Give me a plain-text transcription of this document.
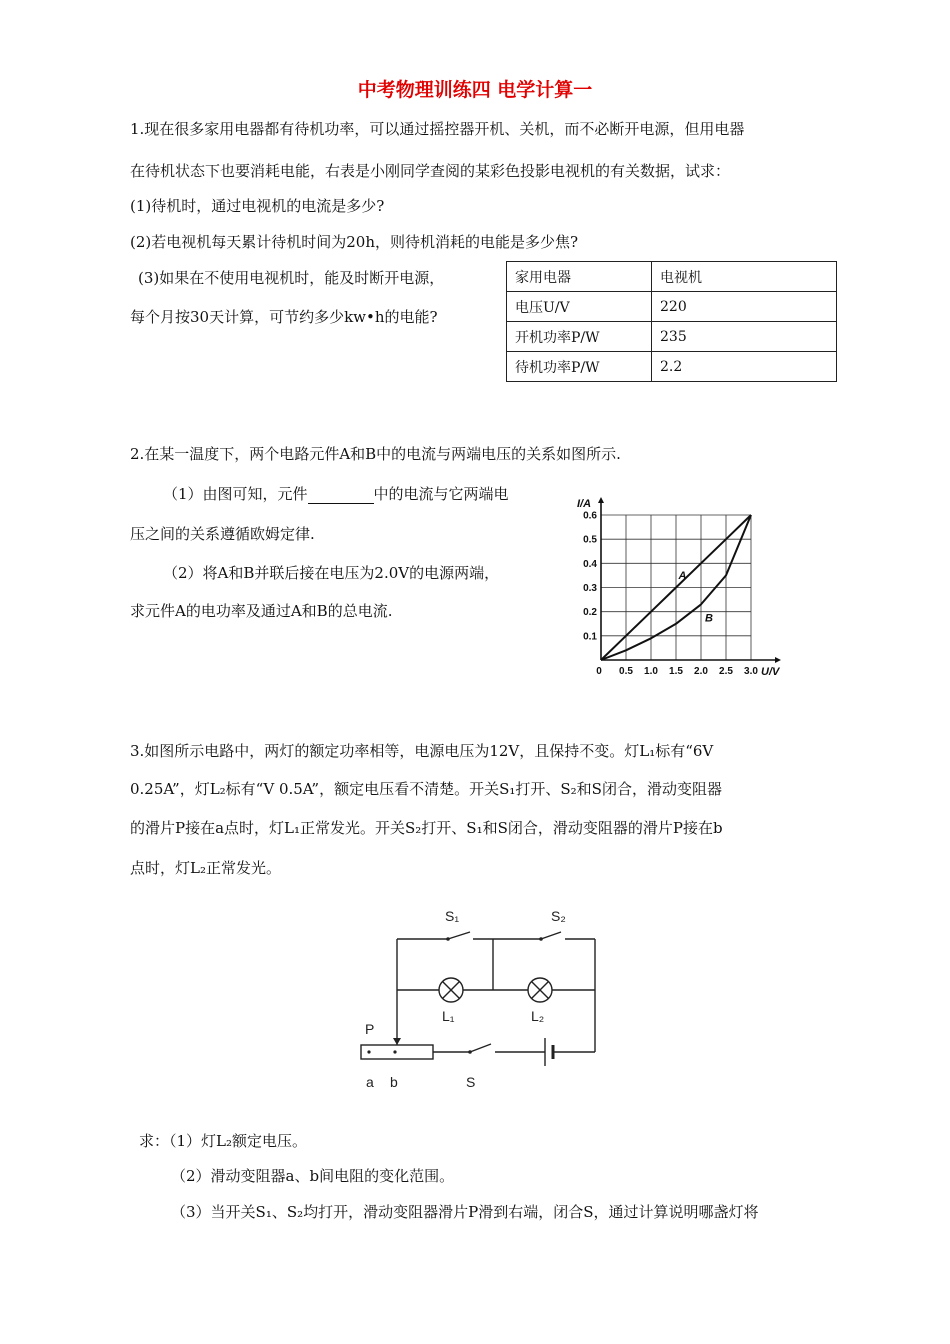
中考物理训练四 电学计算一
1.现在很多家用电器都有待机功率，可以通过摇控器开机、关机，而不必断开电源，但用电器
在待机状态下也要消耗电能，右表是小刚同学查阅的某彩色投影电视机的有关数据，试求：
(1)待机时，通过电视机的电流是多少?
(2)若电视机每天累计待机时间为20h，则待机消耗的电能是多少焦?
(3)如果在不使用电视机时，能及时断开电源，
每个月按30天计算，可节约多少kw•h的电能?
家用电器	电视机
电压U/V	220
开机功率P/W	235
待机功率P/W	2.2
2.在某一温度下，两个电路元件A和B中的电流与两端电压的关系如图所示.
（1）由图可知，元件	中的电流与它两端电
压之间的关系遵循欧姆定律.
（2）将A和B并联后接在电压为2.0V的电源两端，
求元件A的电功率及通过A和B的总电流.
0 0.5 1.0 1.5 2.0 2.5 3.0
0.1
0.2
0.3
0.4
0.5
0.6
U/V
I/A
A
B
3.如图所示电路中，两灯的额定功率相等，电源电压为12V，且保持不变。灯L₁标有“6V
0.25A”，灯L₂标有“V 0.5A”，额定电压看不清楚。开关S₁打开、S₂和S闭合，滑动变阻器
的滑片P接在a点时，灯L₁正常发光。开关S₂打开、S₁和S闭合，滑动变阻器的滑片P接在b
点时，灯L₂正常发光。
S₁	S₂
L₁	L₂
P
a b	S
求：（1）灯L₂额定电压。
（2）滑动变阻器a、b间电阻的变化范围。
（3）当开关S₁、S₂均打开，滑动变阻器滑片P滑到右端，闭合S，通过计算说明哪盏灯将
